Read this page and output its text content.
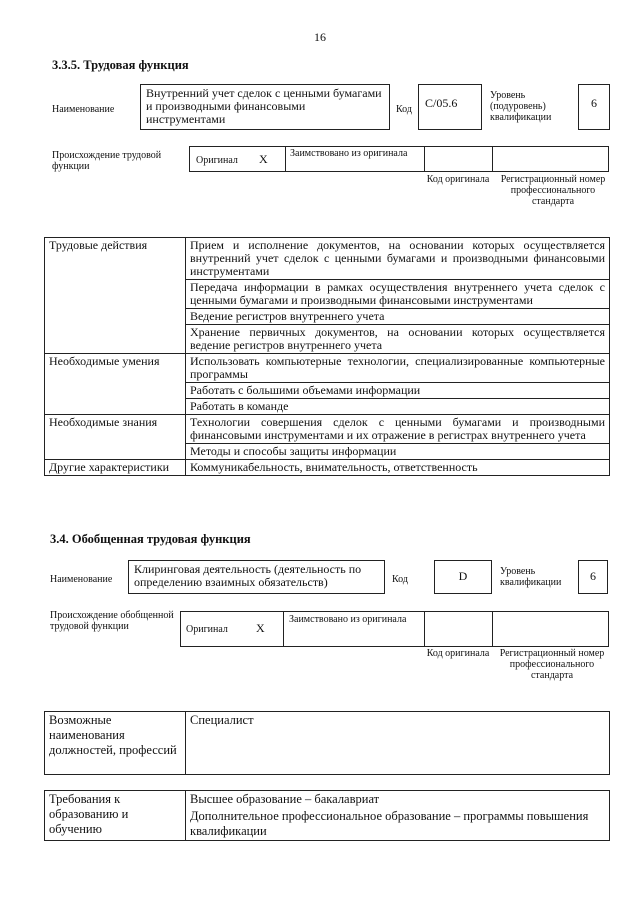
16
3.3.5. Трудовая функция
Наименование
Внутренний учет сделок с ценными бумагами и производными финансовыми инструментами
Код	С/05.6
Уровень (подуровень) квалификации
6
Происхождение трудовой функции
Оригинал X Заимствовано из оригинала
Код оригинала Регистрационный номер профессионального стандарта
Трудовые действия	Прием и исполнение документов, на основании которых осуществляется внутренний учет сделок с ценными бумагами и производными финансовыми инструментами
	Передача информации в рамках осуществления внутреннего учета сделок с ценными бумагами и производными финансовыми инструментами
	Ведение регистров внутреннего учета
	Хранение первичных документов, на основании которых осуществляется ведение регистров внутреннего учета
Необходимые умения	Использовать компьютерные технологии, специализированные компьютерные программы
	Работать с большими объемами информации
	Работать в команде
Необходимые знания	Технологии совершения сделок с ценными бумагами и производными финансовыми инструментами и их отражение в регистрах внутреннего учета
	Методы и способы защиты информации
Другие характеристики	Коммуникабельность, внимательность, ответственность
3.4. Обобщенная трудовая функция
Наименование
Клиринговая деятельность (деятельность по определению взаимных обязательств)	Код	D	Уровень квалификации	6
Происхождение обобщенной трудовой функции	Оригинал X
Заимствовано из оригинала
Код оригинала	Регистрационный номер профессионального стандарта
Возможные наименования должностей, профессий	Специалист
Требования к образованию и обучению	Высшее образование – бакалавриат
Дополнительное профессиональное образование – программы повышения квалификации
